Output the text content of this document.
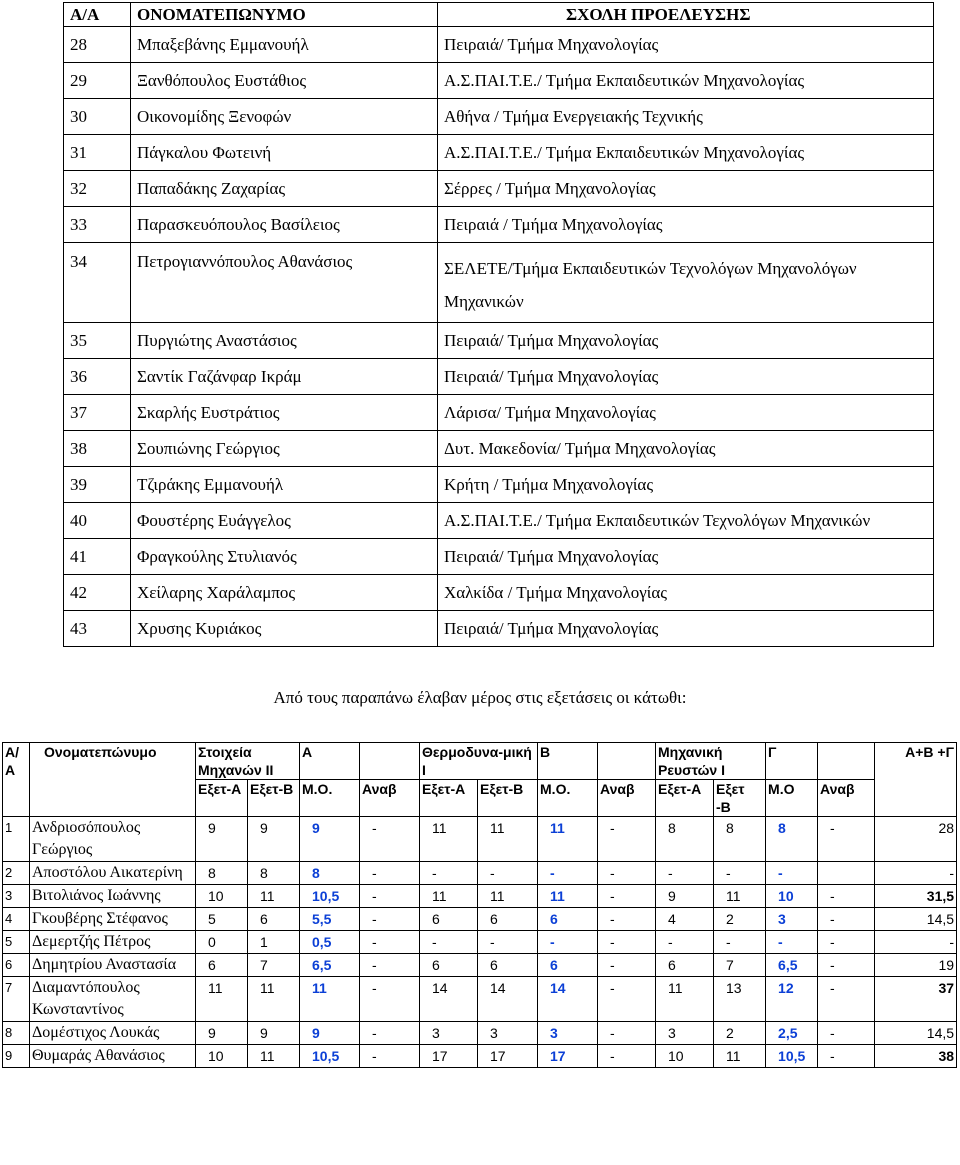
Α/Α	ΟΝΟΜΑΤΕΠΩΝΥΜΟ	ΣΧΟΛΗ ΠΡΟΕΛΕΥΣΗΣ
28	Μπαξεβάνης Εμμανουήλ	Πειραιά/ Τμήμα Μηχανολογίας
29	Ξανθόπουλος Ευστάθιος	Α.Σ.ΠΑΙ.Τ.Ε./ Τμήμα Εκπαιδευτικών Μηχανολογίας
30	Οικονομίδης Ξενοφών	Αθήνα / Τμήμα Ενεργειακής Τεχνικής
31	Πάγκαλου Φωτεινή	Α.Σ.ΠΑΙ.Τ.Ε./ Τμήμα Εκπαιδευτικών Μηχανολογίας
32	Παπαδάκης Ζαχαρίας	Σέρρες / Τμήμα Μηχανολογίας
33	Παρασκευόπουλος Βασίλειος	Πειραιά / Τμήμα Μηχανολογίας
34	Πετρογιαννόπουλος Αθανάσιος	ΣΕΛΕΤΕ/Τμήμα Εκπαιδευτικών Τεχνολόγων Μηχανολόγων Μηχανικών
35	Πυργιώτης Αναστάσιος	Πειραιά/ Τμήμα Μηχανολογίας
36	Σαντίκ Γαζάνφαρ Ικράμ	Πειραιά/ Τμήμα Μηχανολογίας
37	Σκαρλής Ευστράτιος	Λάρισα/ Τμήμα Μηχανολογίας
38	Σουπιώνης Γεώργιος	Δυτ. Μακεδονία/ Τμήμα Μηχανολογίας
39	Τζιράκης Εμμανουήλ	Κρήτη / Τμήμα Μηχανολογίας
40	Φουστέρης Ευάγγελος	Α.Σ.ΠΑΙ.Τ.Ε./ Τμήμα Εκπαιδευτικών Τεχνολόγων Μηχανικών
41	Φραγκούλης Στυλιανός	Πειραιά/ Τμήμα Μηχανολογίας
42	Χείλαρης Χαράλαμπος	Χαλκίδα / Τμήμα Μηχανολογίας
43	Χρυσης Κυριάκος	Πειραιά/ Τμήμα Μηχανολογίας
Από τους παραπάνω έλαβαν μέρος στις εξετάσεις οι κάτωθι:
Α/ Α	Ονοματεπώνυμο	Στοιχεία Μηχανών ΙΙ		Α		Θερμοδυνα-μική Ι		Β		Μηχανική Ρευστών Ι		Γ		Α+Β +Γ
		Εξετ-Α	Εξετ-Β	Μ.Ο.	Αναβ	Εξετ-Α	Εξετ-Β	Μ.Ο.	Αναβ	Εξετ-Α	Εξετ -Β	Μ.Ο	Αναβ	
1	Ανδριοσόπουλος Γεώργιος	9	9	9	-	11	11	11	-	8	8	8	-	28
2	Αποστόλου Αικατερίνη	8	8	8	-	-	-	-	-	-	-	-		-
3	Βιτολιάνος Ιωάννης	10	11	10,5	-	11	11	11	-	9	11	10	-	31,5
4	Γκουβέρης Στέφανος	5	6	5,5	-	6	6	6	-	4	2	3	-	14,5
5	Δεμερτζής Πέτρος	0	1	0,5	-	-	-	-	-	-	-	-	-	-
6	Δημητρίου Αναστασία	6	7	6,5	-	6	6	6	-	6	7	6,5	-	19
7	Διαμαντόπουλος Κωνσταντίνος	11	11	11	-	14	14	14	-	11	13	12	-	37
8	Δομέστιχος Λουκάς	9	9	9	-	3	3	3	-	3	2	2,5	-	14,5
9	Θυμαράς Αθανάσιος	10	11	10,5	-	17	17	17	-	10	11	10,5	-	38
